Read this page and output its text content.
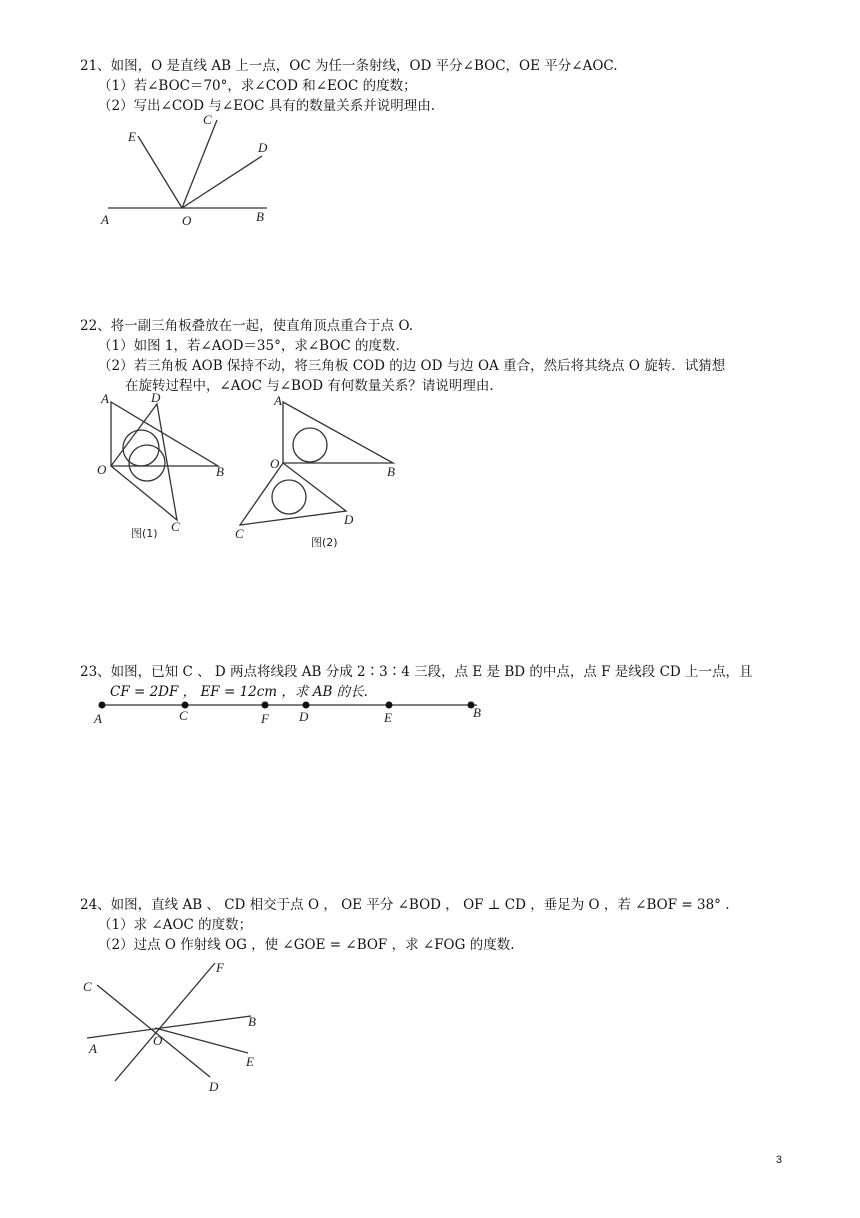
21、如图，O 是直线 AB 上一点，OC 为任一条射线，OD 平分∠BOC，OE 平分∠AOC.
（1）若∠BOC＝70°，求∠COD 和∠EOC 的度数；
（2）写出∠COD 与∠EOC 具有的数量关系并说明理由.
A	O	B
C
D
E
22、将一副三角板叠放在一起，使直角顶点重合于点 O.
（1）如图 1，若∠AOD＝35°，求∠BOC 的度数.
（2）若三角板 AOB 保持不动，将三角板 COD 的边 OD 与边 OA 重合，然后将其绕点 O 旋转．试猜想
在旋转过程中，∠AOC 与∠BOD 有何数量关系？请说明理由.
A	D
O	B
C
图(1)
A
O
B
C
D
图(2)
23、如图，已知 C 、 D 两点将线段 AB 分成 2∶3∶4 三段，点 E 是 BD 的中点，点 F 是线段 CD 上一点，且
CF = 2DF ， EF = 12cm ，求 AB 的长.
A	C	F D	E	B
24、如图，直线 AB 、 CD 相交于点 O ， OE 平分 ∠BOD ， OF ⊥ CD ，垂足为 O ，若 ∠BOF = 38° .
（1）求 ∠AOC 的度数；
（2）过点 O 作射线 OG ，使 ∠GOE = ∠BOF ，求 ∠FOG 的度数.
C
F
B
A
O
E
D
3
